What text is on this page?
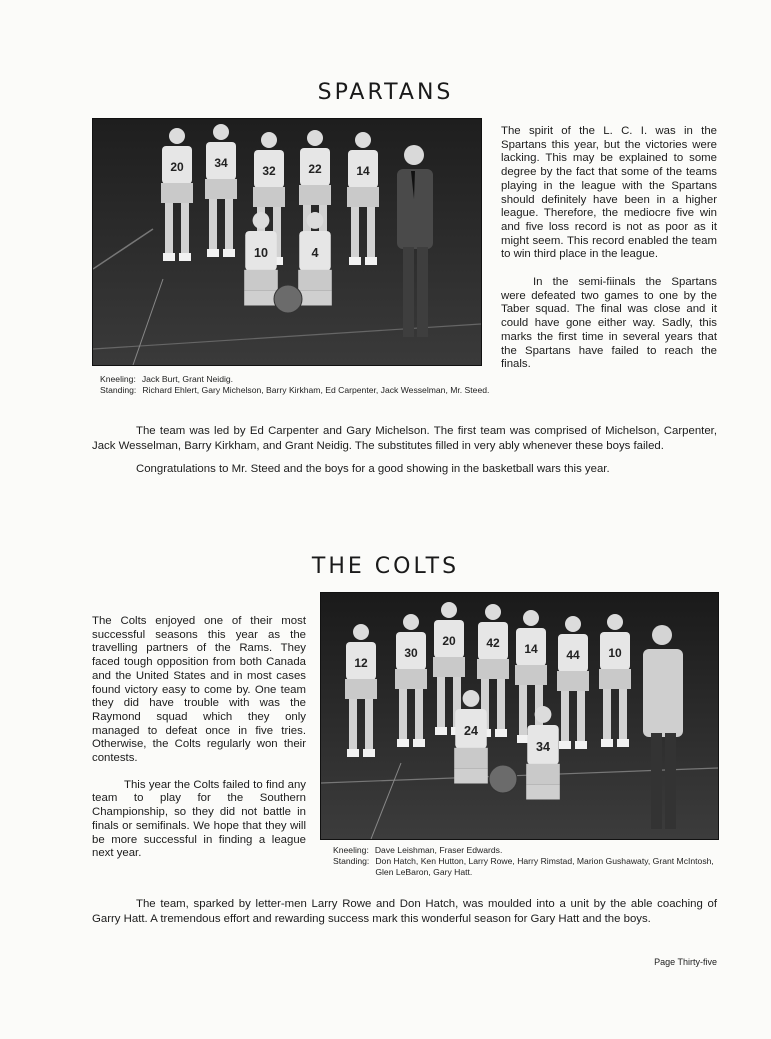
SPARTANS
20	34
32	22	14
10	4

The spirit of the L. C. I. was in the Spartans this year, but the victories were lacking. This may be explained to some degree by the fact that some of the teams playing in the league with the Spartans should definitely have been in a higher league. Therefore, the mediocre five win and five loss record is not as poor as it might seem. This record enabled the team to win third place in the league.

In the semi-fiinals the Spartans were defeated two games to one by the Taber squad. The final was close and it could have gone either way. Sadly, this marks the first time in several years that the Spartans have failed to reach the finals.

Kneeling: Jack Burt, Grant Neidig.
Standing: Richard Ehlert, Gary Michelson, Barry Kirkham, Ed Carpenter, Jack Wesselman, Mr. Steed.

The team was led by Ed Carpenter and Gary Michelson. The first team was comprised of Michelson, Carpenter, Jack Wesselman, Barry Kirkham, and Grant Neidig. The substitutes filled in very ably whenever these boys failed.

Congratulations to Mr. Steed and the boys for a good showing in the basketball wars this year.

THE COLTS

The Colts enjoyed one of their most successful seasons this year as the travelling partners of the Rams. They faced tough opposition from both Canada and the United States and in most cases found victory easy to come by. One team they did have trouble with was the Raymond squad which they only managed to defeat once in five tries. Otherwise, the Colts regularly won their contests.

This year the Colts failed to find any team to play for the Southern Championship, so they did not battle in finals or semifinals. We hope that they will be more successful in finding a league next year.

12
30
20	42 14 44 10
24
34
Kneeling: Dave Leishman, Fraser Edwards.
Standing: Don Hatch, Ken Hutton, Larry Rowe, Harry Rimstad, Marion Gushawaty, Grant McIntosh, Glen LeBaron, Gary Hatt.

The team, sparked by letter-men Larry Rowe and Don Hatch, was moulded into a unit by the able coaching of Garry Hatt. A tremendous effort and rewarding success mark this wonderful season for Gary Hatt and the boys.

Page Thirty-five
